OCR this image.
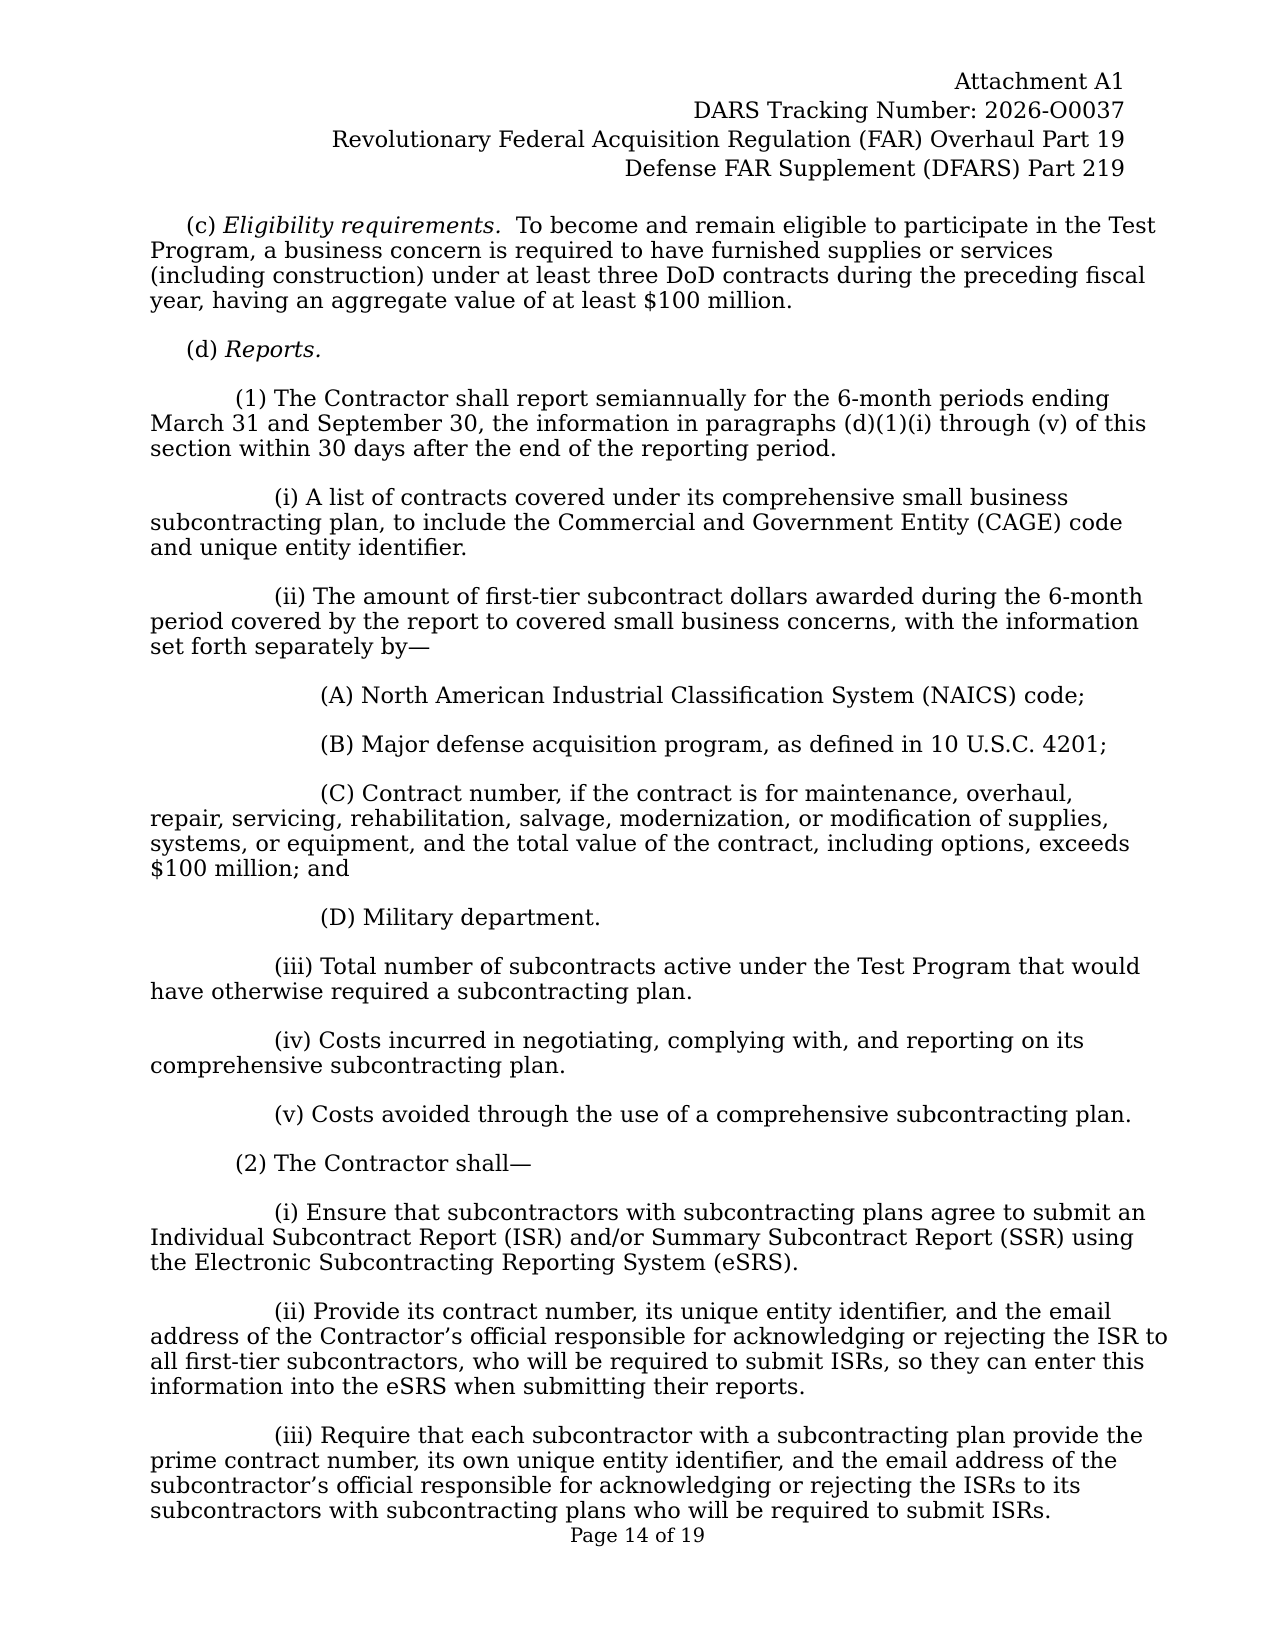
Attachment A1
DARS Tracking Number: 2026-O0037
Revolutionary Federal Acquisition Regulation (FAR) Overhaul Part 19
Defense FAR Supplement (DFARS) Part 219
(c) Eligibility requirements. To become and remain eligible to participate in the Test
Program, a business concern is required to have furnished supplies or services
(including construction) under at least three DoD contracts during the preceding fiscal
year, having an aggregate value of at least $100 million.
(d) Reports.
(1) The Contractor shall report semiannually for the 6-month periods ending
March 31 and September 30, the information in paragraphs (d)(1)(i) through (v) of this
section within 30 days after the end of the reporting period.
(i) A list of contracts covered under its comprehensive small business
subcontracting plan, to include the Commercial and Government Entity (CAGE) code
and unique entity identifier.
(ii) The amount of first-tier subcontract dollars awarded during the 6-month
period covered by the report to covered small business concerns, with the information
set forth separately by—
(A) North American Industrial Classification System (NAICS) code;
(B) Major defense acquisition program, as defined in 10 U.S.C. 4201;
(C) Contract number, if the contract is for maintenance, overhaul,
repair, servicing, rehabilitation, salvage, modernization, or modification of supplies,
systems, or equipment, and the total value of the contract, including options, exceeds
$100 million; and
(D) Military department.
(iii) Total number of subcontracts active under the Test Program that would
have otherwise required a subcontracting plan.
(iv) Costs incurred in negotiating, complying with, and reporting on its
comprehensive subcontracting plan.
(v) Costs avoided through the use of a comprehensive subcontracting plan.
(2) The Contractor shall—
(i) Ensure that subcontractors with subcontracting plans agree to submit an
Individual Subcontract Report (ISR) and/or Summary Subcontract Report (SSR) using
the Electronic Subcontracting Reporting System (eSRS).
(ii) Provide its contract number, its unique entity identifier, and the email
address of the Contractor’s official responsible for acknowledging or rejecting the ISR to
all first-tier subcontractors, who will be required to submit ISRs, so they can enter this
information into the eSRS when submitting their reports.
(iii) Require that each subcontractor with a subcontracting plan provide the
prime contract number, its own unique entity identifier, and the email address of the
subcontractor’s official responsible for acknowledging or rejecting the ISRs to its
subcontractors with subcontracting plans who will be required to submit ISRs.
Page 14 of 19
